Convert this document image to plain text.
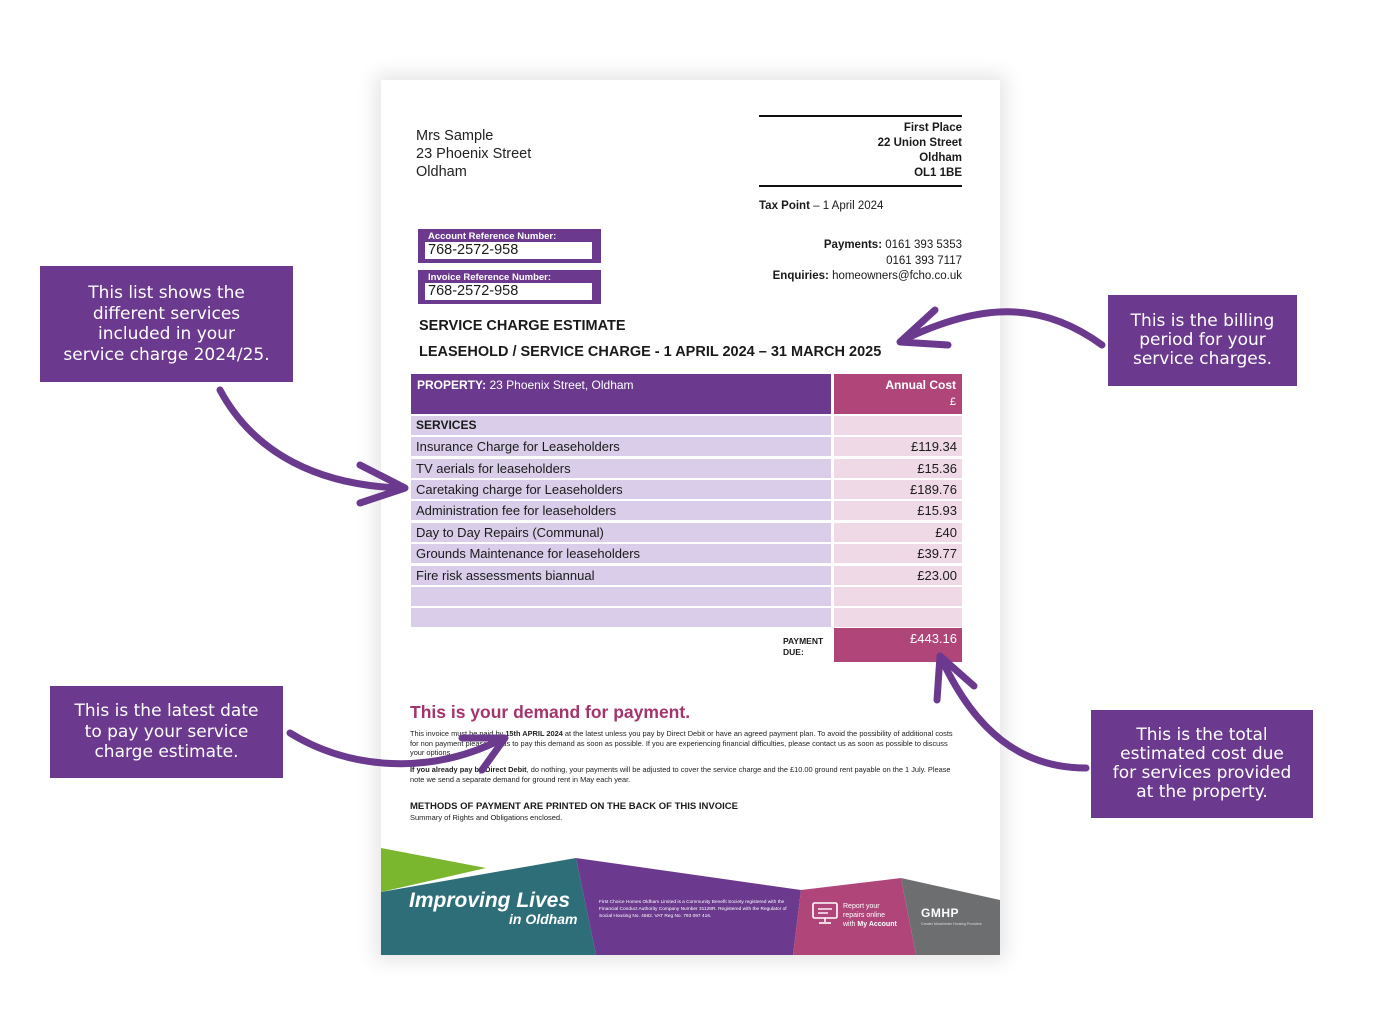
Mrs Sample
23 Phoenix Street
Oldham
First Place
22 Union Street
Oldham
OL1 1BE
Tax Point – 1 April 2024
Account Reference Number:
768-2572-958
Invoice Reference Number:
768-2572-958
Payments: 0161 393 5353
0161 393 7117
Enquiries: homeowners@fcho.co.uk
SERVICE CHARGE ESTIMATE
LEASEHOLD / SERVICE CHARGE - 1 APRIL 2024 – 31 MARCH 2025
PROPERTY: 23 Phoenix Street, Oldham	Annual Cost
£
SERVICES
Insurance Charge for Leaseholders	£119.34
TV aerials for leaseholders	£15.36
Caretaking charge for Leaseholders	£189.76
Administration fee for leaseholders	£15.93
Day to Day Repairs (Communal)	£40
Grounds Maintenance for leaseholders	£39.77
Fire risk assessments biannual	£23.00
PAYMENT
DUE:
£443.16
This is your demand for payment.
This invoice must be paid by 15th APRIL 2024 at the latest unless you pay by Direct Debit or have an agreed payment plan. To avoid the possibility of additional costs for non payment please call us to pay this demand as soon as possible. If you are experiencing financial difficulties, please contact us as soon as possible to discuss your options.
If you already pay by Direct Debit, do nothing, your payments will be adjusted to cover the service charge and the £10.00 ground rent payable on the 1 July. Please note we send a separate demand for ground rent in May each year.
METHODS OF PAYMENT ARE PRINTED ON THE BACK OF THIS INVOICE
Summary of Rights and Obligations enclosed.
Improving Lives
in Oldham
First Choice Homes Oldham Limited is a Community Benefit Society registered with the Financial Conduct Authority Company Number 31128R. Registered with the Regulator of Social Housing No. 4582. VAT Reg No. 793 097 416.
Report your
repairs online
with My Account
GMHP
Greater Manchester Housing Providers
This list shows the
different services
included in your
service charge 2024/25.
This is the billing
period for your
service charges.
This is the latest date
to pay your service
charge estimate.
This is the total
estimated cost due
for services provided
at the property.
